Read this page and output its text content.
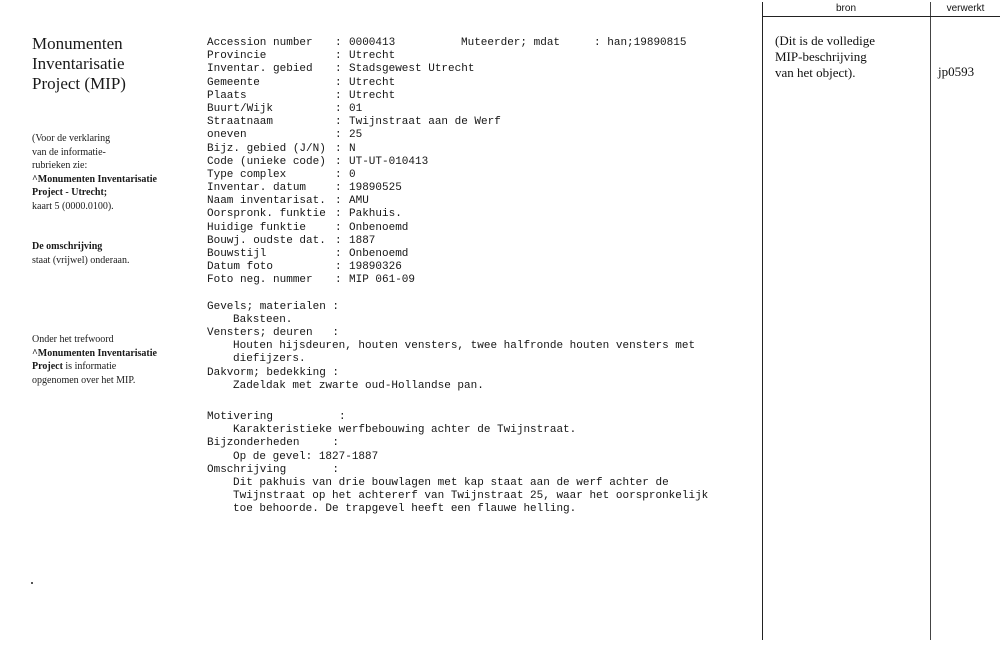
Monumenten
Inventarisatie
Project (MIP)
(Voor de verklaring
van de informatie-
rubrieken zie:
^Monumenten Inventarisatie
Project - Utrecht;
kaart 5 (0000.0100).
De omschrijving
staat (vrijwel) onderaan.
Onder het trefwoord
^Monumenten Inventarisatie
Project is informatie
opgenomen over het MIP.
Muteerder; mdat	: han;19890815
Accession number	: 0000413
Provincie	: Utrecht
Inventar. gebied	: Stadsgewest Utrecht
Gemeente	: Utrecht
Plaats	: Utrecht
Buurt/Wijk	: 01
Straatnaam	: Twijnstraat aan de Werf
oneven	: 25
Bijz. gebied (J/N) : N
Code (unieke code) : UT-UT-010413
Type complex	: 0
Inventar. datum	: 19890525
Naam inventarisat. : AMU
Oorspronk. funktie : Pakhuis.
Huidige funktie	: Onbenoemd
Bouwj. oudste dat. : 1887
Bouwstijl	: Onbenoemd
Datum foto	: 19890326
Foto neg. nummer	: MIP 061-09
Gevels; materialen :
Baksteen.
Vensters; deuren   :
Houten hijsdeuren, houten vensters, twee halfronde houten vensters met
diefijzers.
Dakvorm; bedekking :
Zadeldak met zwarte oud-Hollandse pan.
Motivering          :
Karakteristieke werfbebouwing achter de Twijnstraat.
Bijzonderheden     :
Op de gevel: 1827-1887
Omschrijving       :
Dit pakhuis van drie bouwlagen met kap staat aan de werf achter de
Twijnstraat op het achtererf van Twijnstraat 25, waar het oorspronkelijk
toe behoorde. De trapgevel heeft een flauwe helling.
bron	verwerkt
(Dit is de volledige
MIP-beschrijving
van het object).	jp0593
